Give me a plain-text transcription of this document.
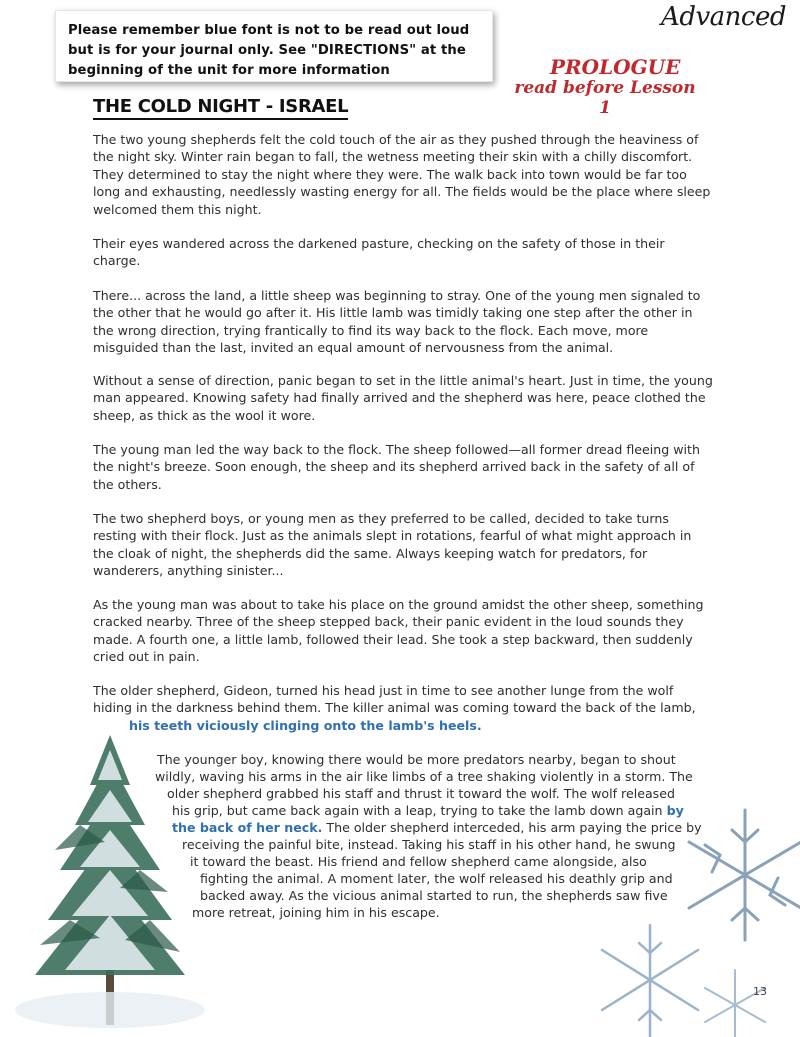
Please remember blue font is not to be read out loud but is for your journal only. See "DIRECTIONS" at the beginning of the unit for more information
Advanced
PROLOGUE
read before Lesson 1
THE COLD NIGHT - ISRAEL

The two young shepherds felt the cold touch of the air as they pushed through the heaviness of the night sky. Winter rain began to fall, the wetness meeting their skin with a chilly discomfort. They determined to stay the night where they were. The walk back into town would be far too long and exhausting, needlessly wasting energy for all. The fields would be the place where sleep welcomed them this night.

Their eyes wandered across the darkened pasture, checking on the safety of those in their charge.

There... across the land, a little sheep was beginning to stray. One of the young men signaled to the other that he would go after it. His little lamb was timidly taking one step after the other in the wrong direction, trying frantically to find its way back to the flock. Each move, more misguided than the last, invited an equal amount of nervousness from the animal.

Without a sense of direction, panic began to set in the little animal's heart. Just in time, the young man appeared. Knowing safety had finally arrived and the shepherd was here, peace clothed the sheep, as thick as the wool it wore.

The young man led the way back to the flock. The sheep followed—all former dread fleeing with the night's breeze. Soon enough, the sheep and its shepherd arrived back in the safety of all of the others.

The two shepherd boys, or young men as they preferred to be called, decided to take turns resting with their flock. Just as the animals slept in rotations, fearful of what might approach in the cloak of night, the shepherds did the same. Always keeping watch for predators, for wanderers, anything sinister...

As the young man was about to take his place on the ground amidst the other sheep, something cracked nearby. Three of the sheep stepped back, their panic evident in the loud sounds they made. A fourth one, a little lamb, followed their lead. She took a step backward, then suddenly cried out in pain.

The older shepherd, Gideon, turned his head just in time to see another lunge from the wolf hiding in the darkness behind them. The killer animal was coming toward the back of the lamb,
his teeth viciously clinging onto the lamb's heels.

The younger boy, knowing there would be more predators nearby, began to shout
wildly, waving his arms in the air like limbs of a tree shaking violently in a storm. The
older shepherd grabbed his staff and thrust it toward the wolf. The wolf released
his grip, but came back again with a leap, trying to take the lamb down again by
the back of her neck. The older shepherd interceded, his arm paying the price by
receiving the painful bite, instead. Taking his staff in his other hand, he swung
it toward the beast. His friend and fellow shepherd came alongside, also
fighting the animal. A moment later, the wolf released his deathly grip and
backed away. As the vicious animal started to run, the shepherds saw five
more retreat, joining him in his escape.
13
